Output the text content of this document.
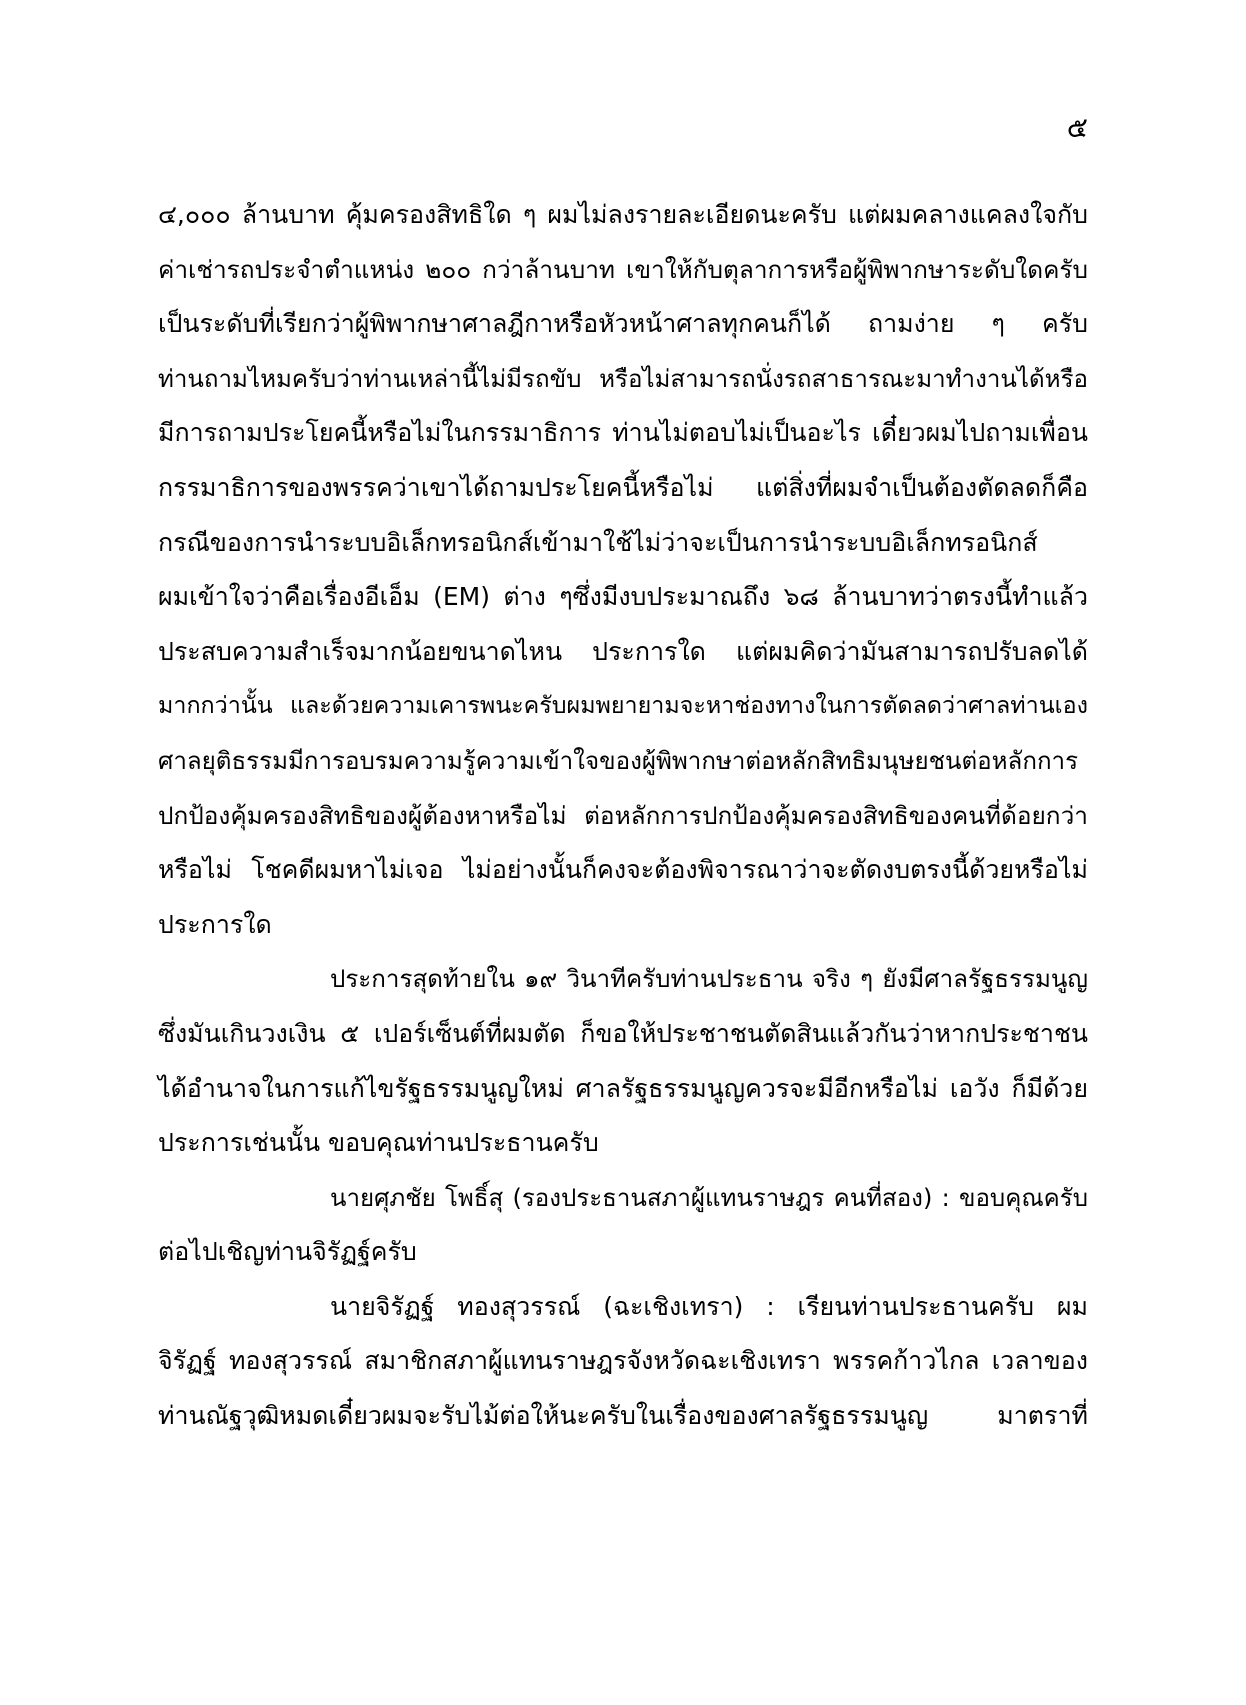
๕
๔,๐๐๐ ล้านบาท คุ้มครองสิทธิใด ๆ ผมไม่ลงรายละเอียดนะครับ แต่ผมคลางแคลงใจกับ
ค่าเช่ารถประจำตำแหน่ง ๒๐๐ กว่าล้านบาท เขาให้กับตุลาการหรือผู้พิพากษาระดับใดครับ
เป็นระดับที่เรียกว่าผู้พิพากษาศาลฎีกาหรือหัวหน้าศาลทุกคนก็ได้ ถามง่าย ๆ ครับ
ท่านถามไหมครับว่าท่านเหล่านี้ไม่มีรถขับ หรือไม่สามารถนั่งรถสาธารณะมาทำงานได้หรือ
มีการถามประโยคนี้หรือไม่ในกรรมาธิการ ท่านไม่ตอบไม่เป็นอะไร เดี๋ยวผมไปถามเพื่อน
กรรมาธิการของพรรคว่าเขาได้ถามประโยคนี้หรือไม่ แต่สิ่งที่ผมจำเป็นต้องตัดลดก็คือ
กรณีของการนำระบบอิเล็กทรอนิกส์เข้ามาใช้ไม่ว่าจะเป็นการนำระบบอิเล็กทรอนิกส์
ผมเข้าใจว่าคือเรื่องอีเอ็ม (EM) ต่าง ๆซึ่งมีงบประมาณถึง ๖๘ ล้านบาทว่าตรงนี้ทำแล้ว
ประสบความสำเร็จมากน้อยขนาดไหน ประการใด แต่ผมคิดว่ามันสามารถปรับลดได้
มากกว่านั้น และด้วยความเคารพนะครับผมพยายามจะหาช่องทางในการตัดลดว่าศาลท่านเอง
ศาลยุติธรรมมีการอบรมความรู้ความเข้าใจของผู้พิพากษาต่อหลักสิทธิมนุษยชนต่อหลักการ
ปกป้องคุ้มครองสิทธิของผู้ต้องหาหรือไม่ ต่อหลักการปกป้องคุ้มครองสิทธิของคนที่ด้อยกว่า
หรือไม่ โชคดีผมหาไม่เจอ ไม่อย่างนั้นก็คงจะต้องพิจารณาว่าจะตัดงบตรงนี้ด้วยหรือไม่
ประการใด
ประการสุดท้ายใน ๑๙ วินาทีครับท่านประธาน จริง ๆ ยังมีศาลรัฐธรรมนูญ
ซึ่งมันเกินวงเงิน ๕ เปอร์เซ็นต์ที่ผมตัด ก็ขอให้ประชาชนตัดสินแล้วกันว่าหากประชาชน
ได้อำนาจในการแก้ไขรัฐธรรมนูญใหม่ ศาลรัฐธรรมนูญควรจะมีอีกหรือไม่ เอวัง ก็มีด้วย
ประการเช่นนั้น ขอบคุณท่านประธานครับ
นายศุภชัย โพธิ์สุ (รองประธานสภาผู้แทนราษฎร คนที่สอง) : ขอบคุณครับ
ต่อไปเชิญท่านจิรัฏฐ์ครับ
นายจิรัฏฐ์ ทองสุวรรณ์ (ฉะเชิงเทรา) : เรียนท่านประธานครับ ผม
จิรัฏฐ์ ทองสุวรรณ์ สมาชิกสภาผู้แทนราษฎรจังหวัดฉะเชิงเทรา พรรคก้าวไกล เวลาของ
ท่านณัฐวุฒิหมดเดี๋ยวผมจะรับไม้ต่อให้นะครับในเรื่องของศาลรัฐธรรมนูญ มาตราที่
